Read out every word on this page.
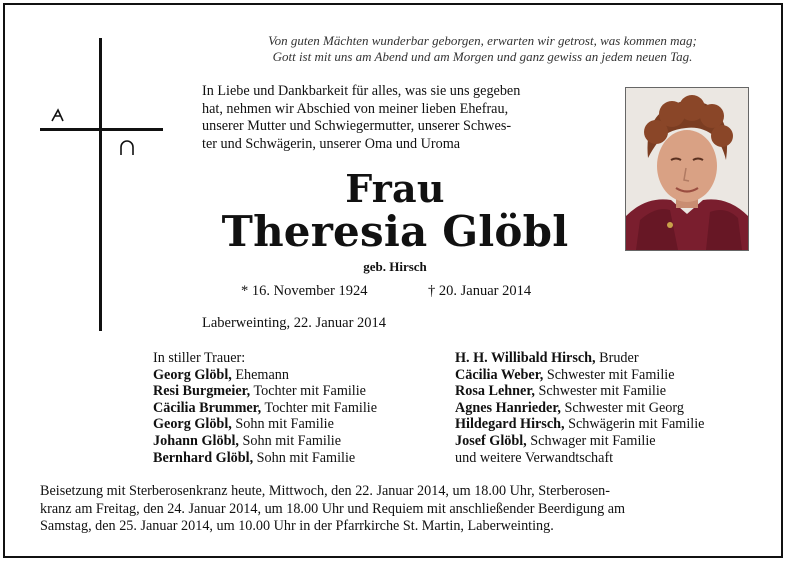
Von guten Mächten wunderbar geborgen, erwarten wir getrost, was kommen mag;
Gott ist mit uns am Abend und am Morgen und ganz gewiss an jedem neuen Tag.
In Liebe und Dankbarkeit für alles, was sie uns gegeben
hat, nehmen wir Abschied von meiner lieben Ehefrau,
unserer Mutter und Schwiegermutter, unserer Schwes-
ter und Schwägerin, unserer Oma und Uroma
Frau
Theresia Glöbl
geb. Hirsch
* 16. November 1924	† 20. Januar 2014
Laberweinting, 22. Januar 2014
In stiller Trauer:
Georg Glöbl, Ehemann
Resi Burgmeier, Tochter mit Familie
Cäcilia Brummer, Tochter mit Familie
Georg Glöbl, Sohn mit Familie
Johann Glöbl, Sohn mit Familie
Bernhard Glöbl, Sohn mit Familie
H. H. Willibald Hirsch, Bruder
Cäcilia Weber, Schwester mit Familie
Rosa Lehner, Schwester mit Familie
Agnes Hanrieder, Schwester mit Georg
Hildegard Hirsch, Schwägerin mit Familie
Josef Glöbl, Schwager mit Familie
und weitere Verwandtschaft
Beisetzung mit Sterberosenkranz heute, Mittwoch, den 22. Januar 2014, um 18.00 Uhr, Sterberosen-
kranz am Freitag, den 24. Januar 2014, um 18.00 Uhr und Requiem mit anschließender Beerdigung am
Samstag, den 25. Januar 2014, um 10.00 Uhr in der Pfarrkirche St. Martin, Laberweinting.
